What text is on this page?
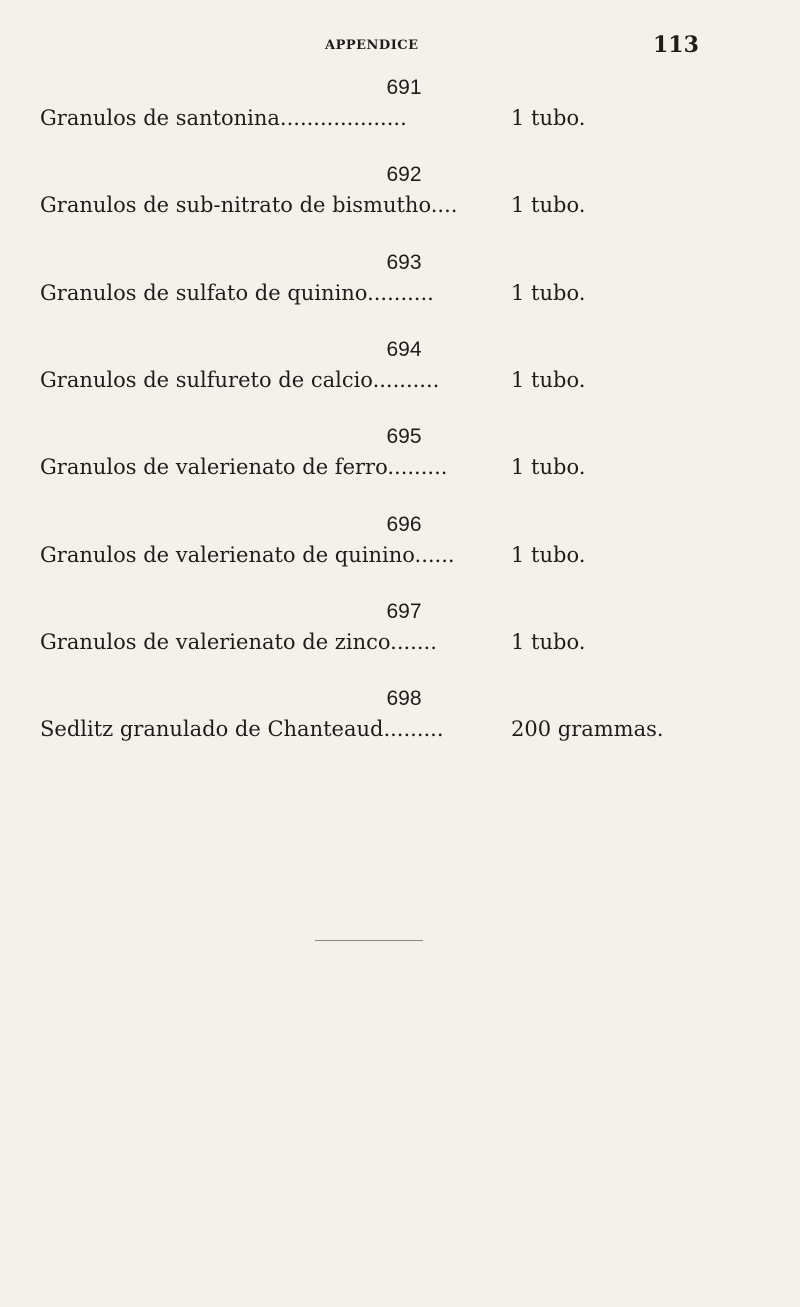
APPENDICE	113
691
Granulos de santonina...................	1 tubo.
692
Granulos de sub-nitrato de bismutho....	1 tubo.
693
Granulos de sulfato de quinino..........	1 tubo.
694
Granulos de sulfureto de calcio..........	1 tubo.
695
Granulos de valerienato de ferro.........	1 tubo.
696
Granulos de valerienato de quinino......	1 tubo.
697
Granulos de valerienato de zinco.......	1 tubo.
698
Sedlitz granulado de Chanteaud.........	200 grammas.
